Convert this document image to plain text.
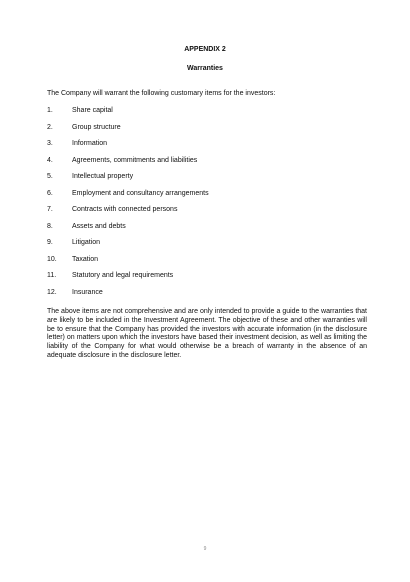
APPENDIX 2
Warranties
The Company will warrant the following customary items for the investors:
1.	Share capital
2.	Group structure
3.	Information
4.	Agreements, commitments and liabilities
5.	Intellectual property
6.	Employment and consultancy arrangements
7.	Contracts with connected persons
8.	Assets and debts
9.	Litigation
10.	Taxation
11.	Statutory and legal requirements
12.	Insurance

The above items are not comprehensive and are only intended to provide a guide to the warranties that are likely to be included in the Investment Agreement. The objective of these and other warranties will be to ensure that the Company has provided the investors with accurate information (in the disclosure letter) on matters upon which the investors have based their investment decision, as well as limiting the liability of the Company for what would otherwise be a breach of warranty in the absence of an adequate disclosure in the disclosure letter.

9
